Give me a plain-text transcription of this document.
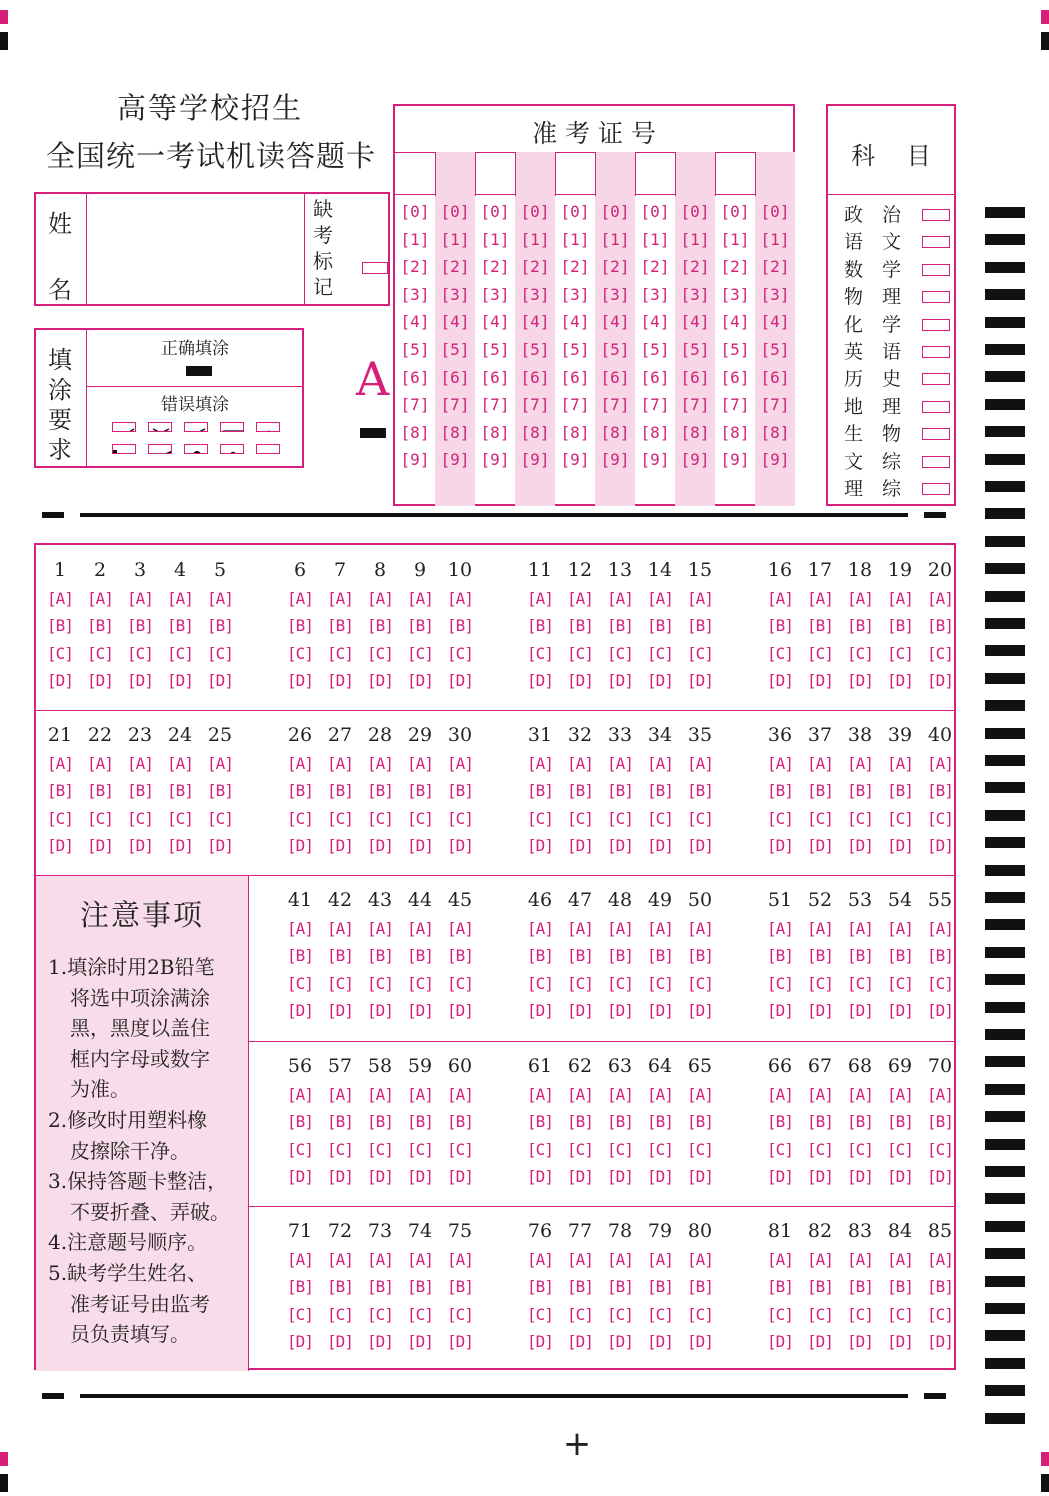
高等学校招生
全国统一考试机读答题卡
姓
名
缺
考
标
记
填
涂
要
求
正确填涂
错误填涂	A
准 考 证 号
[0]
[1]
[2]
[3]
[4]
[5]
[6]
[7]
[8]
[9]
[0]
[1]
[2]
[3]
[4]
[5]
[6]
[7]
[8]
[9]
[0]
[1]
[2]
[3]
[4]
[5]
[6]
[7]
[8]
[9]
[0]
[1]
[2]
[3]
[4]
[5]
[6]
[7]
[8]
[9]
[0]
[1]
[2]
[3]
[4]
[5]
[6]
[7]
[8]
[9]
[0]
[1]
[2]
[3]
[4]
[5]
[6]
[7]
[8]
[9]
[0]
[1]
[2]
[3]
[4]
[5]
[6]
[7]
[8]
[9]
[0]
[1]
[2]
[3]
[4]
[5]
[6]
[7]
[8]
[9]
[0]
[1]
[2]
[3]
[4]
[5]
[6]
[7]
[8]
[9]
[0]
[1]
[2]
[3]
[4]
[5]
[6]
[7]
[8]
[9]
科　 目
政 治
语 文
数 学
物 理
化 学
英 语
历 史
地 理
生 物
文 综
理 综
注意事项
1.填涂时用2B铅笔
将选中项涂满涂
黑，黑度以盖住
框内字母或数字
为准。
2.修改时用塑料橡
皮擦除干净。
3.保持答题卡整洁，
不要折叠、弄破。
4.注意题号顺序。
5.缺考学生姓名、
准考证号由监考
员负责填写。
1
[A]
[B]
[C]
[D]
2
[A]
[B]
[C]
[D]
3
[A]
[B]
[C]
[D]
4
[A]
[B]
[C]
[D]
5
[A]
[B]
[C]
[D]
6
[A]
[B]
[C]
[D]
7
[A]
[B]
[C]
[D]
8
[A]
[B]
[C]
[D]
9
[A]
[B]
[C]
[D]
10
[A]
[B]
[C]
[D]
11
[A]
[B]
[C]
[D]
12
[A]
[B]
[C]
[D]
13
[A]
[B]
[C]
[D]
14
[A]
[B]
[C]
[D]
15
[A]
[B]
[C]
[D]
16
[A]
[B]
[C]
[D]
17
[A]
[B]
[C]
[D]
18
[A]
[B]
[C]
[D]
19
[A]
[B]
[C]
[D]
20
[A]
[B]
[C]
[D]
21
[A]
[B]
[C]
[D]
22
[A]
[B]
[C]
[D]
23
[A]
[B]
[C]
[D]
24
[A]
[B]
[C]
[D]
25
[A]
[B]
[C]
[D]
26
[A]
[B]
[C]
[D]
27
[A]
[B]
[C]
[D]
28
[A]
[B]
[C]
[D]
29
[A]
[B]
[C]
[D]
30
[A]
[B]
[C]
[D]
31
[A]
[B]
[C]
[D]
32
[A]
[B]
[C]
[D]
33
[A]
[B]
[C]
[D]
34
[A]
[B]
[C]
[D]
35
[A]
[B]
[C]
[D]
36
[A]
[B]
[C]
[D]
37
[A]
[B]
[C]
[D]
38
[A]
[B]
[C]
[D]
39
[A]
[B]
[C]
[D]
40
[A]
[B]
[C]
[D]
41
[A]
[B]
[C]
[D]
42
[A]
[B]
[C]
[D]
43
[A]
[B]
[C]
[D]
44
[A]
[B]
[C]
[D]
45
[A]
[B]
[C]
[D]
46
[A]
[B]
[C]
[D]
47
[A]
[B]
[C]
[D]
48
[A]
[B]
[C]
[D]
49
[A]
[B]
[C]
[D]
50
[A]
[B]
[C]
[D]
51
[A]
[B]
[C]
[D]
52
[A]
[B]
[C]
[D]
53
[A]
[B]
[C]
[D]
54
[A]
[B]
[C]
[D]
55
[A]
[B]
[C]
[D]
56
[A]
[B]
[C]
[D]
57
[A]
[B]
[C]
[D]
58
[A]
[B]
[C]
[D]
59
[A]
[B]
[C]
[D]
60
[A]
[B]
[C]
[D]
61
[A]
[B]
[C]
[D]
62
[A]
[B]
[C]
[D]
63
[A]
[B]
[C]
[D]
64
[A]
[B]
[C]
[D]
65
[A]
[B]
[C]
[D]
66
[A]
[B]
[C]
[D]
67
[A]
[B]
[C]
[D]
68
[A]
[B]
[C]
[D]
69
[A]
[B]
[C]
[D]
70
[A]
[B]
[C]
[D]
71
[A]
[B]
[C]
[D]
72
[A]
[B]
[C]
[D]
73
[A]
[B]
[C]
[D]
74
[A]
[B]
[C]
[D]
75
[A]
[B]
[C]
[D]
76
[A]
[B]
[C]
[D]
77
[A]
[B]
[C]
[D]
78
[A]
[B]
[C]
[D]
79
[A]
[B]
[C]
[D]
80
[A]
[B]
[C]
[D]
81
[A]
[B]
[C]
[D]
82
[A]
[B]
[C]
[D]
83
[A]
[B]
[C]
[D]
84
[A]
[B]
[C]
[D]
85
[A]
[B]
[C]
[D]
+
